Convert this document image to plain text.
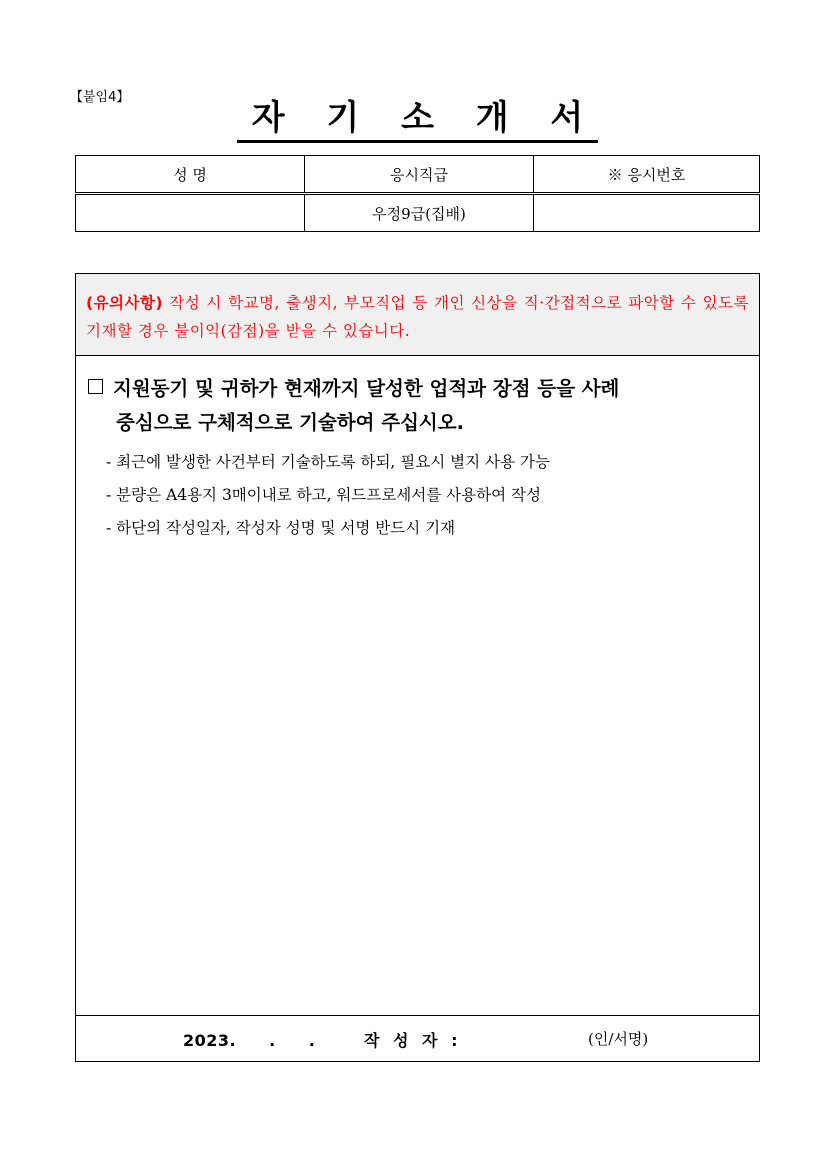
【붙임4】
자 기 소 개 서
성 명	응시직급	※ 응시번호
	우정9급(집배)	
(유의사항) 작성 시 학교명, 출생지, 부모직업 등 개인 신상을 직·간접적으로 파악할 수 있도록 기재할 경우 불이익(감점)을 받을 수 있습니다.
지원동기 및 귀하가 현재까지 달성한 업적과 장점 등을 사례
중심으로 구체적으로 기술하여 주십시오.
- 최근에 발생한 사건부터 기술하도록 하되, 필요시 별지 사용 가능
- 분량은 A4용지 3매이내로 하고, 워드프로세서를 사용하여 작성
- 하단의 작성일자, 작성자 성명 및 서명 반드시 기재
2023.　　.　　.	작 성 자 :	(인/서명)
